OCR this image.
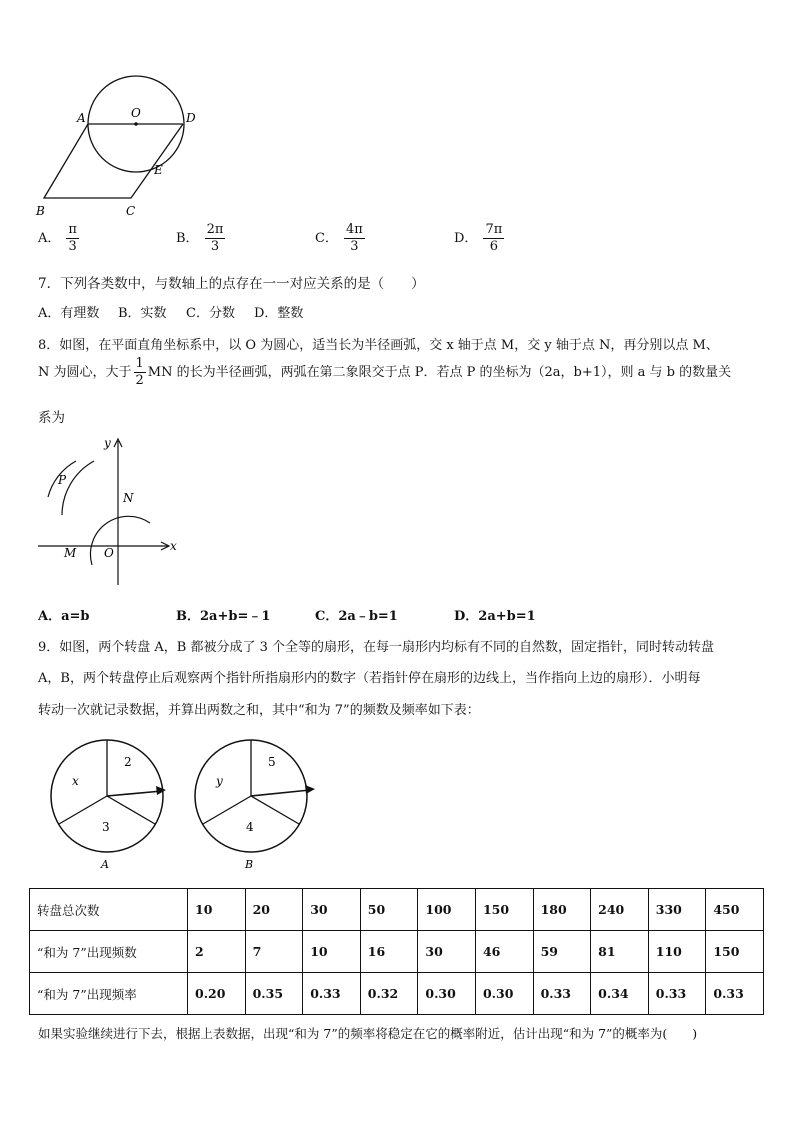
O
A	D
E
B	C
A． $\frac{\pi}{3}$	B． $\frac{2\pi}{3}$	C． $\frac{4\pi}{3}$	D． $\frac{7\pi}{6}$
7．下列各类数中，与数轴上的点存在一一对应关系的是（　　）
A．有理数 B．实数 C．分数 D．整数
8．如图，在平面直角坐标系中，以 O 为圆心，适当长为半径画弧，交 x 轴于点 M，交 y 轴于点 N，再分别以点 M、
N 为圆心，大于 $\frac{1}{2}$ MN 的长为半径画弧，两弧在第二象限交于点 P．若点 P 的坐标为（2a，b+1），则 a 与 b 的数量关
系为
y
x
P
N
M O
A．a=b	B．2a+b=﹣1	C．2a﹣b=1	D．2a+b=1
9．如图，两个转盘 A，B 都被分成了 3 个全等的扇形，在每一扇形内均标有不同的自然数，固定指针，同时转动转盘
A，B，两个转盘停止后观察两个指针所指扇形内的数字（若指针停在扇形的边线上，当作指向上边的扇形）．小明每
转动一次就记录数据，并算出两数之和，其中“和为 7”的频数及频率如下表：
x
2
3
A
y
5
4
B
转盘总次数	10	20	30	50	100	150	180	240	330	450
“和为 7”出现频数	2	7	10	16	30	46	59	81	110	150
“和为 7”出现频率	0.20	0.35	0.33	0.32	0.30	0.30	0.33	0.34	0.33	0.33
如果实验继续进行下去，根据上表数据，出现“和为 7”的频率将稳定在它的概率附近，估计出现“和为 7”的概率为(　　)
